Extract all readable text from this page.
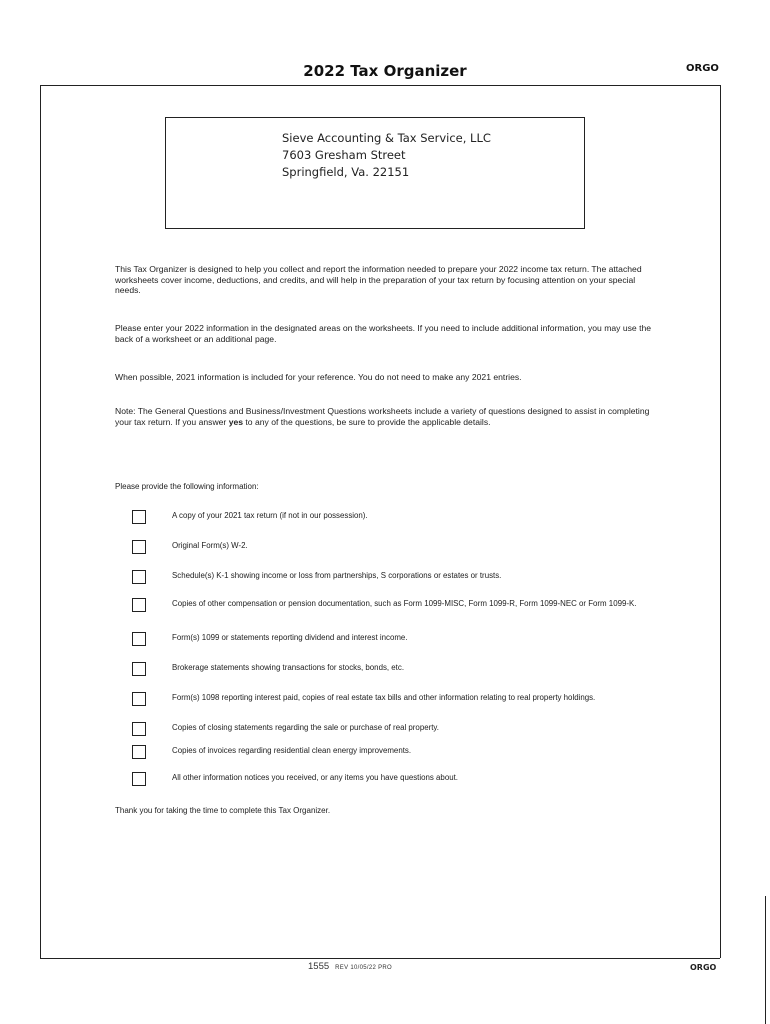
2022 Tax Organizer	ORGO
Sieve Accounting & Tax Service, LLC
7603 Gresham Street
Springfield, Va. 22151
This Tax Organizer is designed to help you collect and report the information needed to prepare your 2022 income tax return. The attached worksheets cover income, deductions, and credits, and will help in the preparation of your tax return by focusing attention on your special needs.
Please enter your 2022 information in the designated areas on the worksheets. If you need to include additional information, you may use the back of a worksheet or an additional page.
When possible, 2021 information is included for your reference. You do not need to make any 2021 entries.
Note: The General Questions and Business/Investment Questions worksheets include a variety of questions designed to assist in completing your tax return. If you answer yes to any of the questions, be sure to provide the applicable details.
Please provide the following information:
A copy of your 2021 tax return (if not in our possession).
Original Form(s) W-2.
Schedule(s) K-1 showing income or loss from partnerships, S corporations or estates or trusts.
Copies of other compensation or pension documentation, such as Form 1099-MISC, Form 1099-R, Form 1099-NEC or Form 1099-K.
Form(s) 1099 or statements reporting dividend and interest income.
Brokerage statements showing transactions for stocks, bonds, etc.
Form(s) 1098 reporting interest paid, copies of real estate tax bills and other information relating to real property holdings.
Copies of closing statements regarding the sale or purchase of real property.
Copies of invoices regarding residential clean energy improvements.
All other information notices you received, or any items you have questions about.
Thank you for taking the time to complete this Tax Organizer.
1555 REV 10/05/22 PRO	ORGO
